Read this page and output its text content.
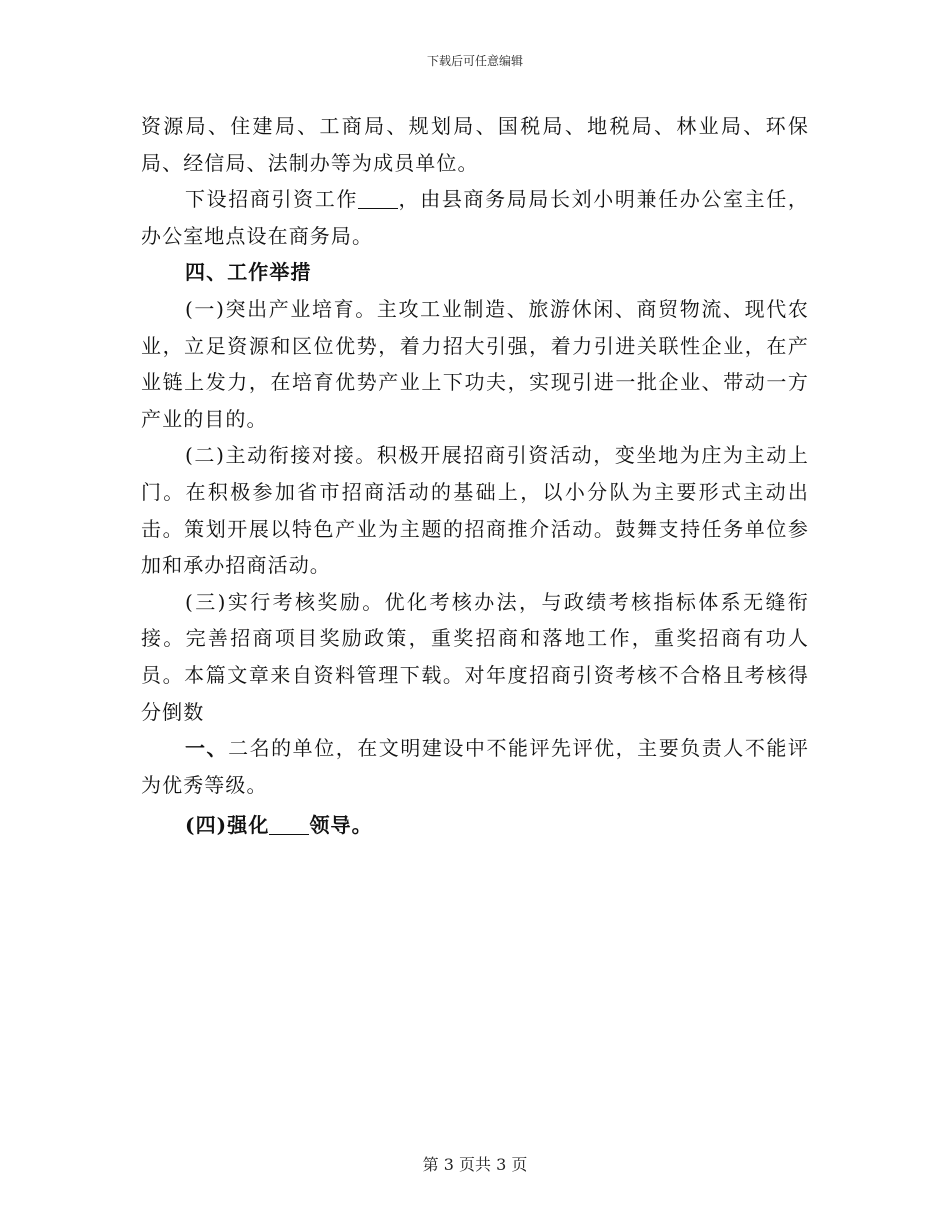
下载后可任意编辑

资源局、住建局、工商局、规划局、国税局、地税局、林业局、环保局、经信局、法制办等为成员单位。

下设招商引资工作 ，由县商务局局长刘小明兼任办公室主任，办公室地点设在商务局。

四、工作举措

(一)突出产业培育。主攻工业制造、旅游休闲、商贸物流、现代农业，立足资源和区位优势，着力招大引强，着力引进关联性企业，在产业链上发力，在培育优势产业上下功夫，实现引进一批企业、带动一方产业的目的。

(二)主动衔接对接。积极开展招商引资活动，变坐地为庄为主动上门。在积极参加省市招商活动的基础上，以小分队为主要形式主动出击。策划开展以特色产业为主题的招商推介活动。鼓舞支持任务单位参加和承办招商活动。

(三)实行考核奖励。优化考核办法，与政绩考核指标体系无缝衔接。完善招商项目奖励政策，重奖招商和落地工作，重奖招商有功人员。本篇文章来自资料管理下载。对年度招商引资考核不合格且考核得分倒数

一、二名的单位，在文明建设中不能评先评优，主要负责人不能评为优秀等级。

(四)强化 领导。

第 3 页共 3 页
